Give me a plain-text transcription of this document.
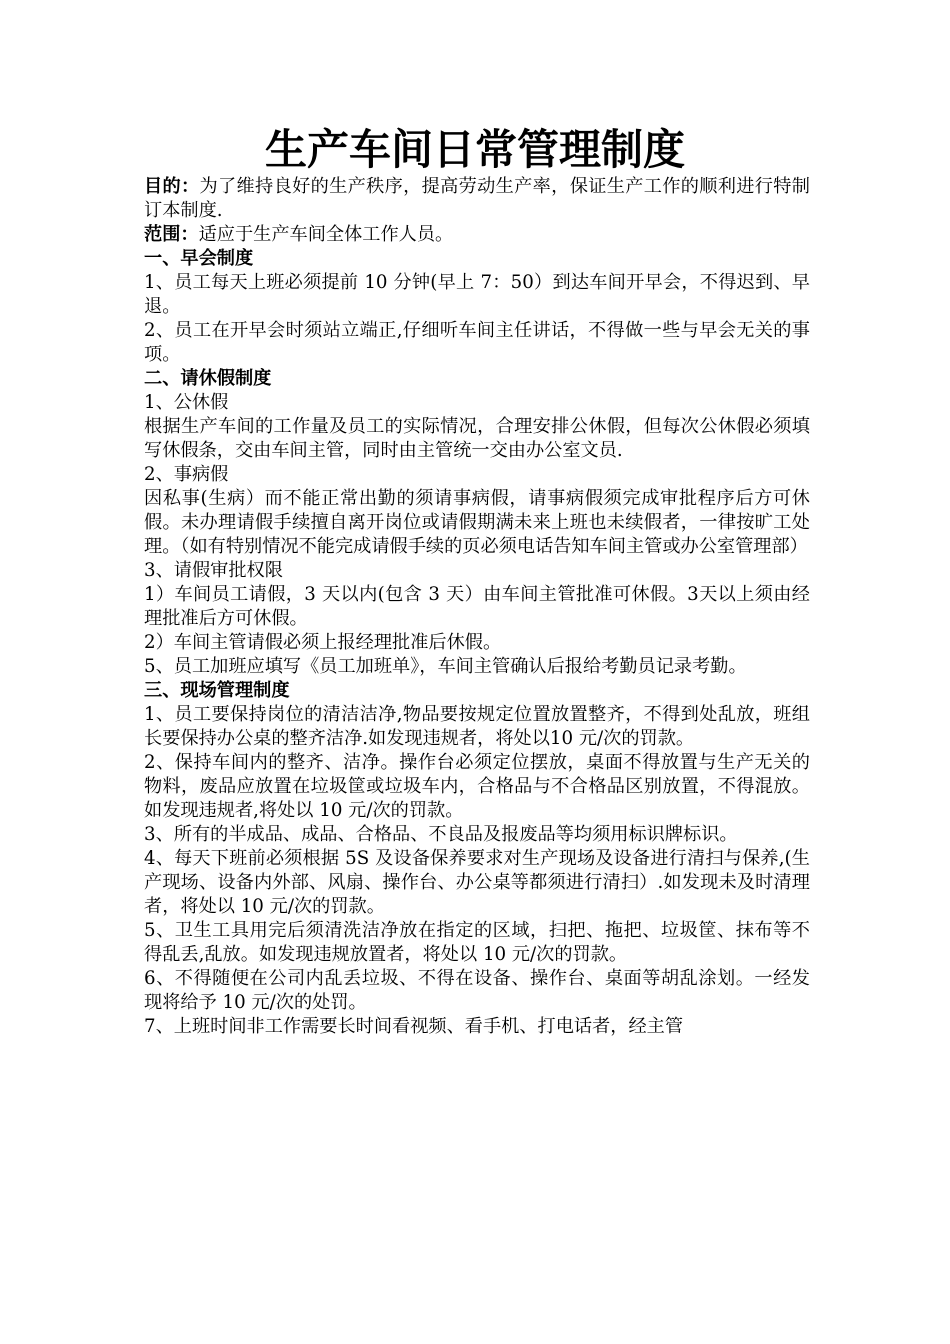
生产车间日常管理制度

目的：为了维持良好的生产秩序，提高劳动生产率，保证生产工作的顺利进行特制订本制度.

范围：适应于生产车间全体工作人员。

一、早会制度

1、员工每天上班必须提前 10 分钟(早上 7：50）到达车间开早会，不得迟到、早退。

2、员工在开早会时须站立端正,仔细听车间主任讲话，不得做一些与早会无关的事项。

二、请休假制度

1、公休假

根据生产车间的工作量及员工的实际情况，合理安排公休假，但每次公休假必须填写休假条，交由车间主管，同时由主管统一交由办公室文员.

2、事病假

因私事(生病）而不能正常出勤的须请事病假，请事病假须完成审批程序后方可休假。未办理请假手续擅自离开岗位或请假期满未来上班也未续假者，一律按旷工处理。（如有特别情况不能完成请假手续的页必须电话告知车间主管或办公室管理部）

3、请假审批权限

1）车间员工请假，3 天以内(包含 3 天）由车间主管批准可休假。3天以上须由经理批准后方可休假。

2）车间主管请假必须上报经理批准后休假。

5、员工加班应填写《员工加班单》，车间主管确认后报给考勤员记录考勤。

三、现场管理制度

1、员工要保持岗位的清洁洁净,物品要按规定位置放置整齐，不得到处乱放，班组长要保持办公桌的整齐洁净.如发现违规者，将处以10 元/次的罚款。

2、保持车间内的整齐、洁净。操作台必须定位摆放，桌面不得放置与生产无关的物料，废品应放置在垃圾筐或垃圾车内，合格品与不合格品区别放置，不得混放。如发现违规者,将处以 10 元/次的罚款。

3、所有的半成品、成品、合格品、不良品及报废品等均须用标识牌标识。

4、每天下班前必须根据 5S 及设备保养要求对生产现场及设备进行清扫与保养,(生产现场、设备内外部、风扇、操作台、办公桌等都须进行清扫）.如发现未及时清理者，将处以 10 元/次的罚款。

5、卫生工具用完后须清洗洁净放在指定的区域，扫把、拖把、垃圾筐、抹布等不得乱丢,乱放。如发现违规放置者，将处以 10 元/次的罚款。

6、不得随便在公司内乱丢垃圾、不得在设备、操作台、桌面等胡乱涂划。一经发现将给予 10 元/次的处罚。

7、上班时间非工作需要长时间看视频、看手机、打电话者，经主管
